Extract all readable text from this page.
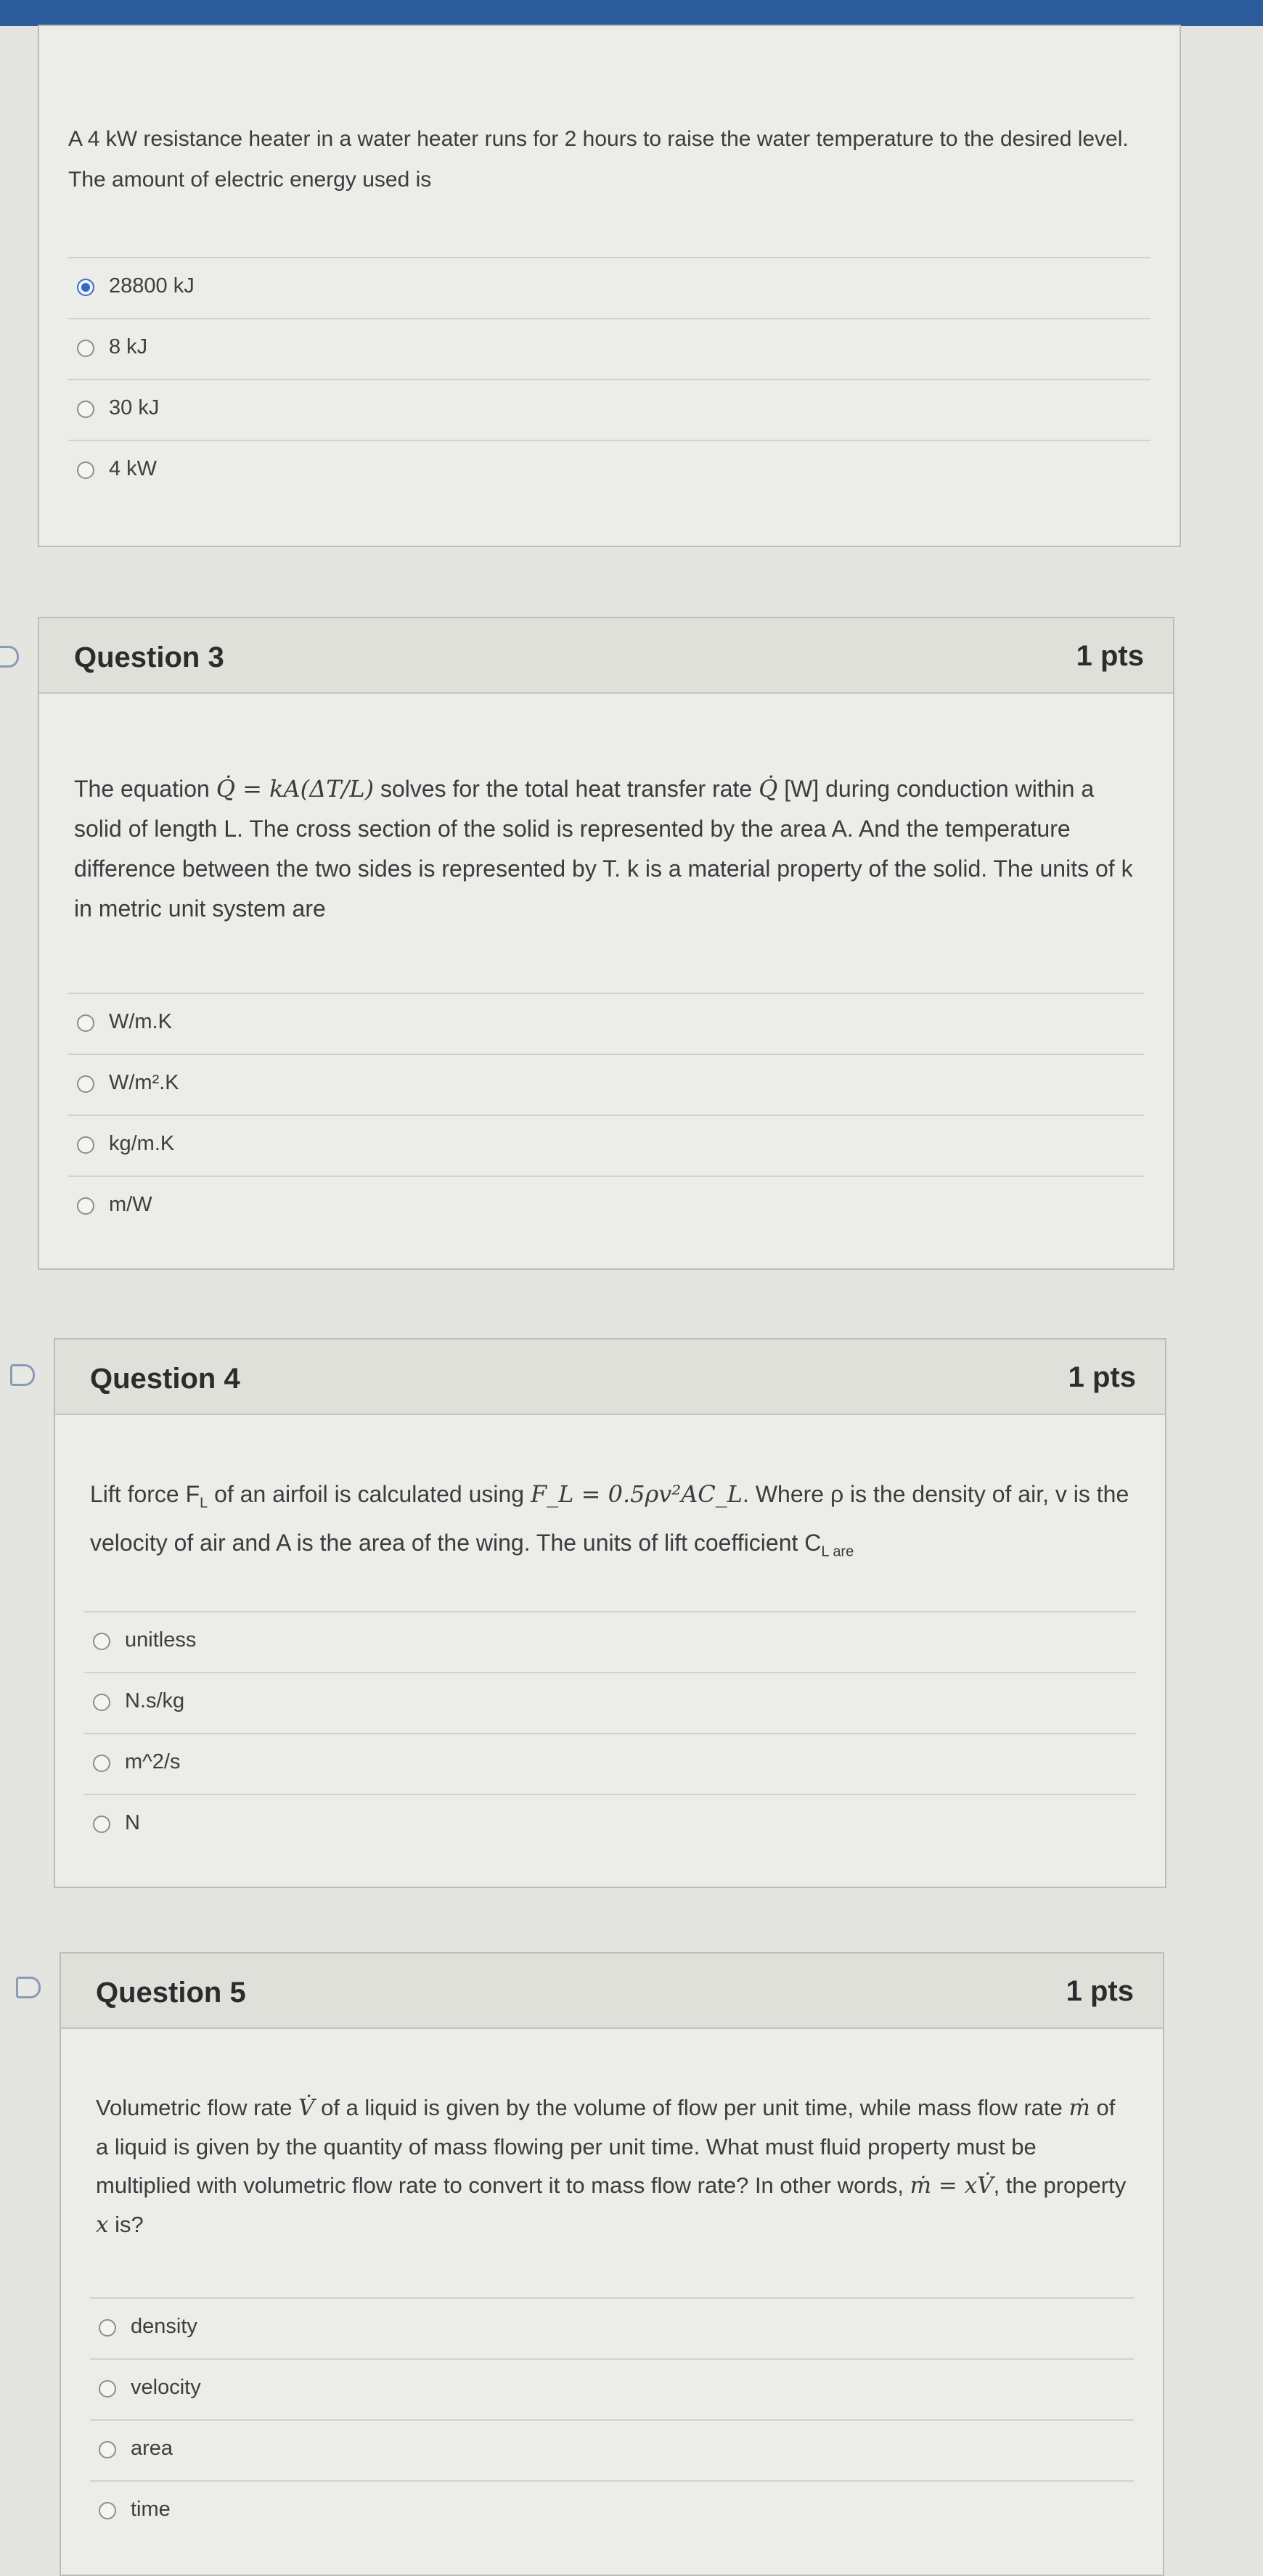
A 4 kW resistance heater in a water heater runs for 2 hours to raise the water temperature to the desired level. The amount of electric energy used is
28800 kJ
8 kJ
30 kJ
4 kW
Question 3	1 pts
The equation Q̇ = kA(ΔT/L) solves for the total heat transfer rate Q̇ [W] during conduction within a solid of length L. The cross section of the solid is represented by the area A. And the temperature difference between the two sides is represented by T. k is a material property of the solid. The units of k in metric unit system are
W/m.K
W/m².K
kg/m.K
m/W
Question 4	1 pts
Lift force $F_L$ of an airfoil is calculated using F_L = 0.5ρv²AC_L. Where ρ is the density of air, v is the velocity of air and A is the area of the wing. The units of lift coefficient $C_{L are}$
unitless
N.s/kg
m^2/s
N
Question 5	1 pts
Volumetric flow rate V̇ of a liquid is given by the volume of flow per unit time, while mass flow rate ṁ of a liquid is given by the quantity of mass flowing per unit time. What must fluid property must be multiplied with volumetric flow rate to convert it to mass flow rate? In other words, ṁ = xV̇, the property x is?
density
velocity
area
time
